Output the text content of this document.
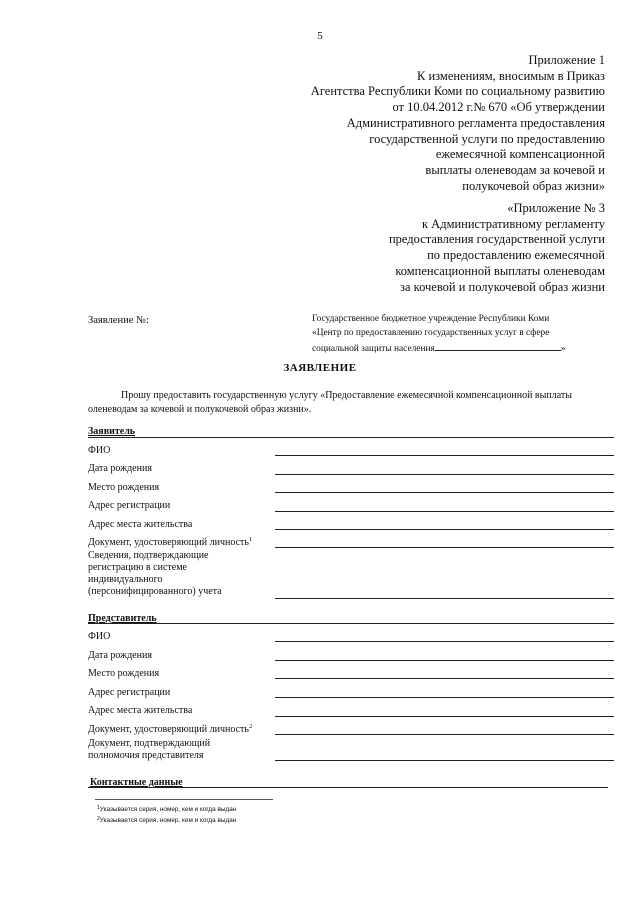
5
Приложение 1
К изменениям, вносимым в Приказ
Агентства Республики Коми по социальному развитию
от 10.04.2012 г.№ 670 «Об утверждении
Административного регламента предоставления
государственной услуги по предоставлению
ежемесячной компенсационной
выплаты оленеводам за кочевой и
полукочевой образ жизни»
«Приложение № 3
к Административному регламенту
предоставления государственной услуги
по предоставлению ежемесячной
компенсационной выплаты оленеводам
за кочевой и полукочевой образ жизни
Заявление №:	Государственное бюджетное учреждение Республики Коми
«Центр по предоставлению государственных услуг в сфере
социальной защиты населения	»
ЗАЯВЛЕНИЕ
Прошу предоставить государственную услугу «Предоставление ежемесячной компенсационной выплаты
оленеводам за кочевой и полукочевой образ жизни».
Заявитель
ФИО
Дата рождения
Место рождения
Адрес регистрации
Адрес места жительства
Документ, удостоверяющий личность$^1$
Сведения, подтверждающие
регистрацию в системе
индивидуального
(персонифицированного) учета
Представитель
ФИО
Дата рождения
Место рождения
Адрес регистрации
Адрес места жительства
Документ, удостоверяющий личность$^2$
Документ, подтверждающий
полномочия представителя
Контактные данные
$^1$Указывается серия, номер, кем и когда выдан
$^2$Указывается серия, номер, кем и когда выдан
